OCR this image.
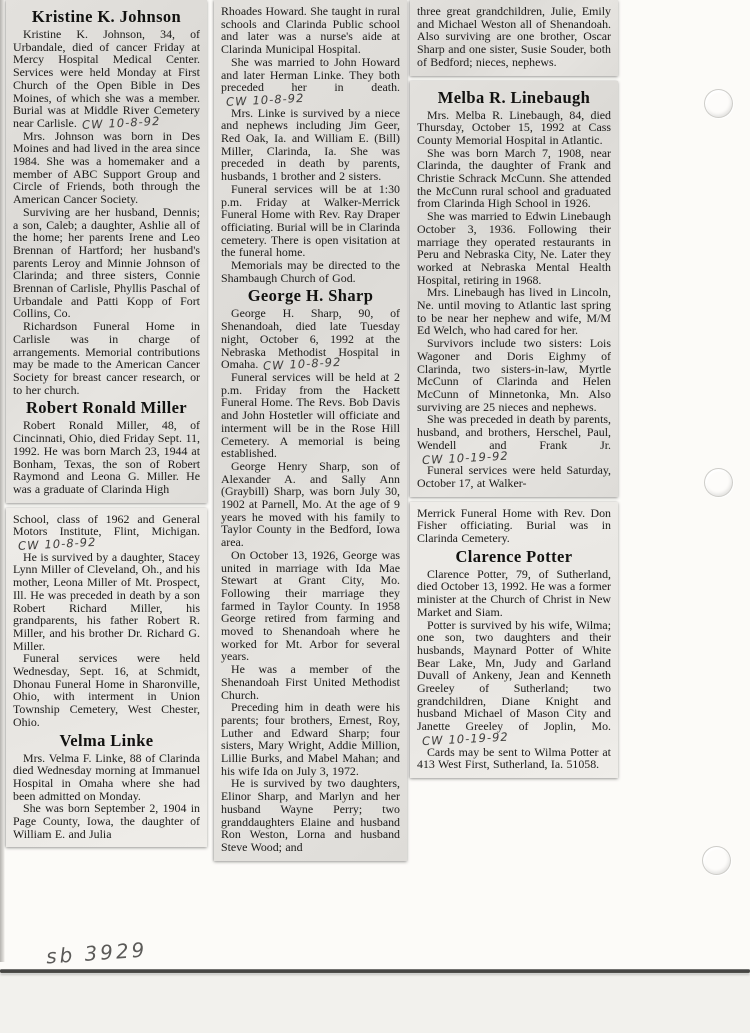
Kristine K. Johnson

Kristine K. Johnson, 34, of Urbandale, died of cancer Friday at Mercy Hospital Medical Center. Services were held Monday at First Church of the Open Bible in Des Moines, of which she was a member. Burial was at Middle River Cemetery near Carlisle. CW 10-8-92

Mrs. Johnson was born in Des Moines and had lived in the area since 1984. She was a homemaker and a member of ABC Support Group and Circle of Friends, both through the American Cancer Society.

Surviving are her husband, Dennis; a son, Caleb; a daughter, Ashlie all of the home; her parents Irene and Leo Brennan of Hartford; her husband's parents Leroy and Minnie Johnson of Clarinda; and three sisters, Connie Brennan of Carlisle, Phyllis Paschal of Urbandale and Patti Kopp of Fort Collins, Co.

Richardson Funeral Home in Carlisle was in charge of arrangements. Memorial contributions may be made to the American Cancer Society for breast cancer research, or to her church.

Robert Ronald Miller

Robert Ronald Miller, 48, of Cincinnati, Ohio, died Friday Sept. 11, 1992. He was born March 23, 1944 at Bonham, Texas, the son of Robert Raymond and Leona G. Miller. He was a graduate of Clarinda High

School, class of 1962 and General Motors Institute, Flint, Michigan. CW 10-8-92

He is survived by a daughter, Stacey Lynn Miller of Cleveland, Oh., and his mother, Leona Miller of Mt. Prospect, Ill. He was preceded in death by a son Robert Richard Miller, his grandparents, his father Robert R. Miller, and his brother Dr. Richard G. Miller.

Funeral services were held Wednesday, Sept. 16, at Schmidt, Dhonau Funeral Home in Sharonville, Ohio, with interment in Union Township Cemetery, West Chester, Ohio.

Velma Linke

Mrs. Velma F. Linke, 88 of Clarinda died Wednesday morning at Immanuel Hospital in Omaha where she had been admitted on Monday.

She was born September 2, 1904 in Page County, Iowa, the daughter of William E. and Julia

Rhoades Howard. She taught in rural schools and Clarinda Public school and later was a nurse's aide at Clarinda Municipal Hospital.

She was married to John Howard and later Herman Linke. They both preceded her in death. CW 10-8-92

Mrs. Linke is survived by a niece and nephews including Jim Geer, Red Oak, Ia. and William E. (Bill) Miller, Clarinda, Ia. She was preceded in death by parents, husbands, 1 brother and 2 sisters.

Funeral services will be at 1:30 p.m. Friday at Walker-Merrick Funeral Home with Rev. Ray Draper officiating. Burial will be in Clarinda cemetery. There is open visitation at the funeral home.

Memorials may be directed to the Shambaugh Church of God.

George H. Sharp

George H. Sharp, 90, of Shenandoah, died late Tuesday night, October 6, 1992 at the Nebraska Methodist Hospital in Omaha. CW 10-8-92

Funeral services will be held at 2 p.m. Friday from the Hackett Funeral Home. The Revs. Bob Davis and John Hostetler will officiate and interment will be in the Rose Hill Cemetery. A memorial is being established.

George Henry Sharp, son of Alexander A. and Sally Ann (Graybill) Sharp, was born July 30, 1902 at Parnell, Mo. At the age of 9 years he moved with his family to Taylor County in the Bedford, Iowa area.

On October 13, 1926, George was united in marriage with Ida Mae Stewart at Grant City, Mo. Following their marriage they farmed in Taylor County. In 1958 George retired from farming and moved to Shenandoah where he worked for Mt. Arbor for several years.

He was a member of the Shenandoah First United Methodist Church.

Preceding him in death were his parents; four brothers, Ernest, Roy, Luther and Edward Sharp; four sisters, Mary Wright, Addie Million, Lillie Burks, and Mabel Mahan; and his wife Ida on July 3, 1972.

He is survived by two daughters, Elinor Sharp, and Marlyn and her husband Wayne Perry; two granddaughters Elaine and husband Ron Weston, Lorna and husband Steve Wood; and

three great grandchildren, Julie, Emily and Michael Weston all of Shenandoah. Also surviving are one brother, Oscar Sharp and one sister, Susie Souder, both of Bedford; nieces, nephews.

Melba R. Linebaugh

Mrs. Melba R. Linebaugh, 84, died Thursday, October 15, 1992 at Cass County Memorial Hospital in Atlantic.

She was born March 7, 1908, near Clarinda, the daughter of Frank and Christie Schrack McCunn. She attended the McCunn rural school and graduated from Clarinda High School in 1926.

She was married to Edwin Linebaugh October 3, 1936. Following their marriage they operated restaurants in Peru and Nebraska City, Ne. Later they worked at Nebraska Mental Health Hospital, retiring in 1968.

Mrs. Linebaugh has lived in Lincoln, Ne. until moving to Atlantic last spring to be near her nephew and wife, M/M Ed Welch, who had cared for her.

Survivors include two sisters: Lois Wagoner and Doris Eighmy of Clarinda, two sisters-in-law, Myrtle McCunn of Clarinda and Helen McCunn of Minnetonka, Mn. Also surviving are 25 nieces and nephews.

She was preceded in death by parents, husband, and brothers, Herschel, Paul, Wendell and Frank Jr. CW 10-19-92

Funeral services were held Saturday, October 17, at Walker-

Merrick Funeral Home with Rev. Don Fisher officiating. Burial was in Clarinda Cemetery.

Clarence Potter

Clarence Potter, 79, of Sutherland, died October 13, 1992. He was a former minister at the Church of Christ in New Market and Siam.

Potter is survived by his wife, Wilma; one son, two daughters and their husbands, Maynard Potter of White Bear Lake, Mn, Judy and Garland Duvall of Ankeny, Jean and Kenneth Greeley of Sutherland; two grandchildren, Diane Knight and husband Michael of Mason City and Janette Greeley of Joplin, Mo. CW 10-19-92

Cards may be sent to Wilma Potter at 413 West First, Sutherland, Ia. 51058.

sb 3929
